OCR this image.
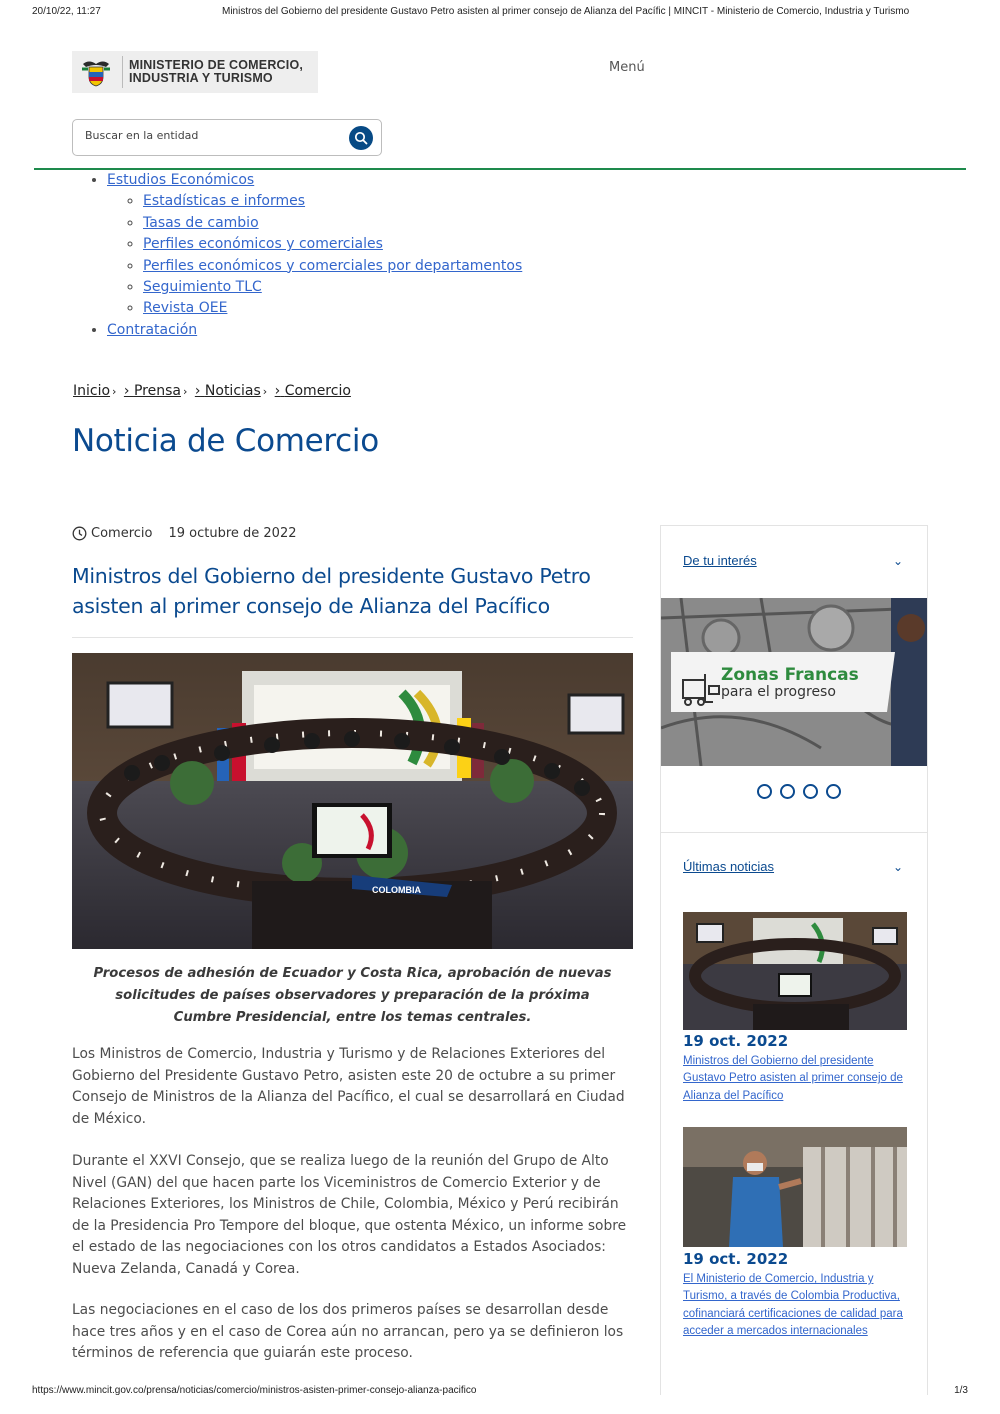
20/10/22, 11:27	Ministros del Gobierno del presidente Gustavo Petro asisten al primer consejo de Alianza del Pacífic | MINCIT - Ministerio de Comercio, Industria y Turismo
MINISTERIO DE COMERCIO,
INDUSTRIA Y TURISMO
Menú
Buscar en la entidad
• Estudios Económicos
◦ Estadísticas e informes
◦ Tasas de cambio
◦ Perfiles económicos y comerciales
◦ Perfiles económicos y comerciales por departamentos
◦ Seguimiento TLC
◦ Revista OEE
• Contratación
Inicio › › Prensa › › Noticias › › Comercio
Noticia de Comercio
Comercio 19 octubre de 2022
Ministros del Gobierno del presidente Gustavo Petro asisten al primer consejo de Alianza del Pacífico
COLOMBIA

Procesos de adhesión de Ecuador y Costa Rica, aprobación de nuevas solicitudes de países observadores y preparación de la próxima Cumbre Presidencial, entre los temas centrales.

Los Ministros de Comercio, Industria y Turismo y de Relaciones Exteriores del Gobierno del Presidente Gustavo Petro, asisten este 20 de octubre a su primer Consejo de Ministros de la Alianza del Pacífico, el cual se desarrollará en Ciudad de México.

Durante el XXVI Consejo, que se realiza luego de la reunión del Grupo de Alto Nivel (GAN) del que hacen parte los Viceministros de Comercio Exterior y de Relaciones Exteriores, los Ministros de Chile, Colombia, México y Perú recibirán de la Presidencia Pro Tempore del bloque, que ostenta México, un informe sobre el estado de las negociaciones con los otros candidatos a Estados Asociados: Nueva Zelanda, Canadá y Corea.

Las negociaciones en el caso de los dos primeros países se desarrollan desde hace tres años y en el caso de Corea aún no arrancan, pero ya se definieron los términos de referencia que guiarán este proceso.

De tu interés	⌄
Zonas Francas
para el progreso
Últimas noticias	⌄
19 oct. 2022
Ministros del Gobierno del presidente Gustavo Petro asisten al primer consejo de Alianza del Pacífico
19 oct. 2022
El Ministerio de Comercio, Industria y Turismo, a través de Colombia Productiva, cofinanciará certificaciones de calidad para acceder a mercados internacionales
https://www.mincit.gov.co/prensa/noticias/comercio/ministros-asisten-primer-consejo-alianza-pacifico	1/3
